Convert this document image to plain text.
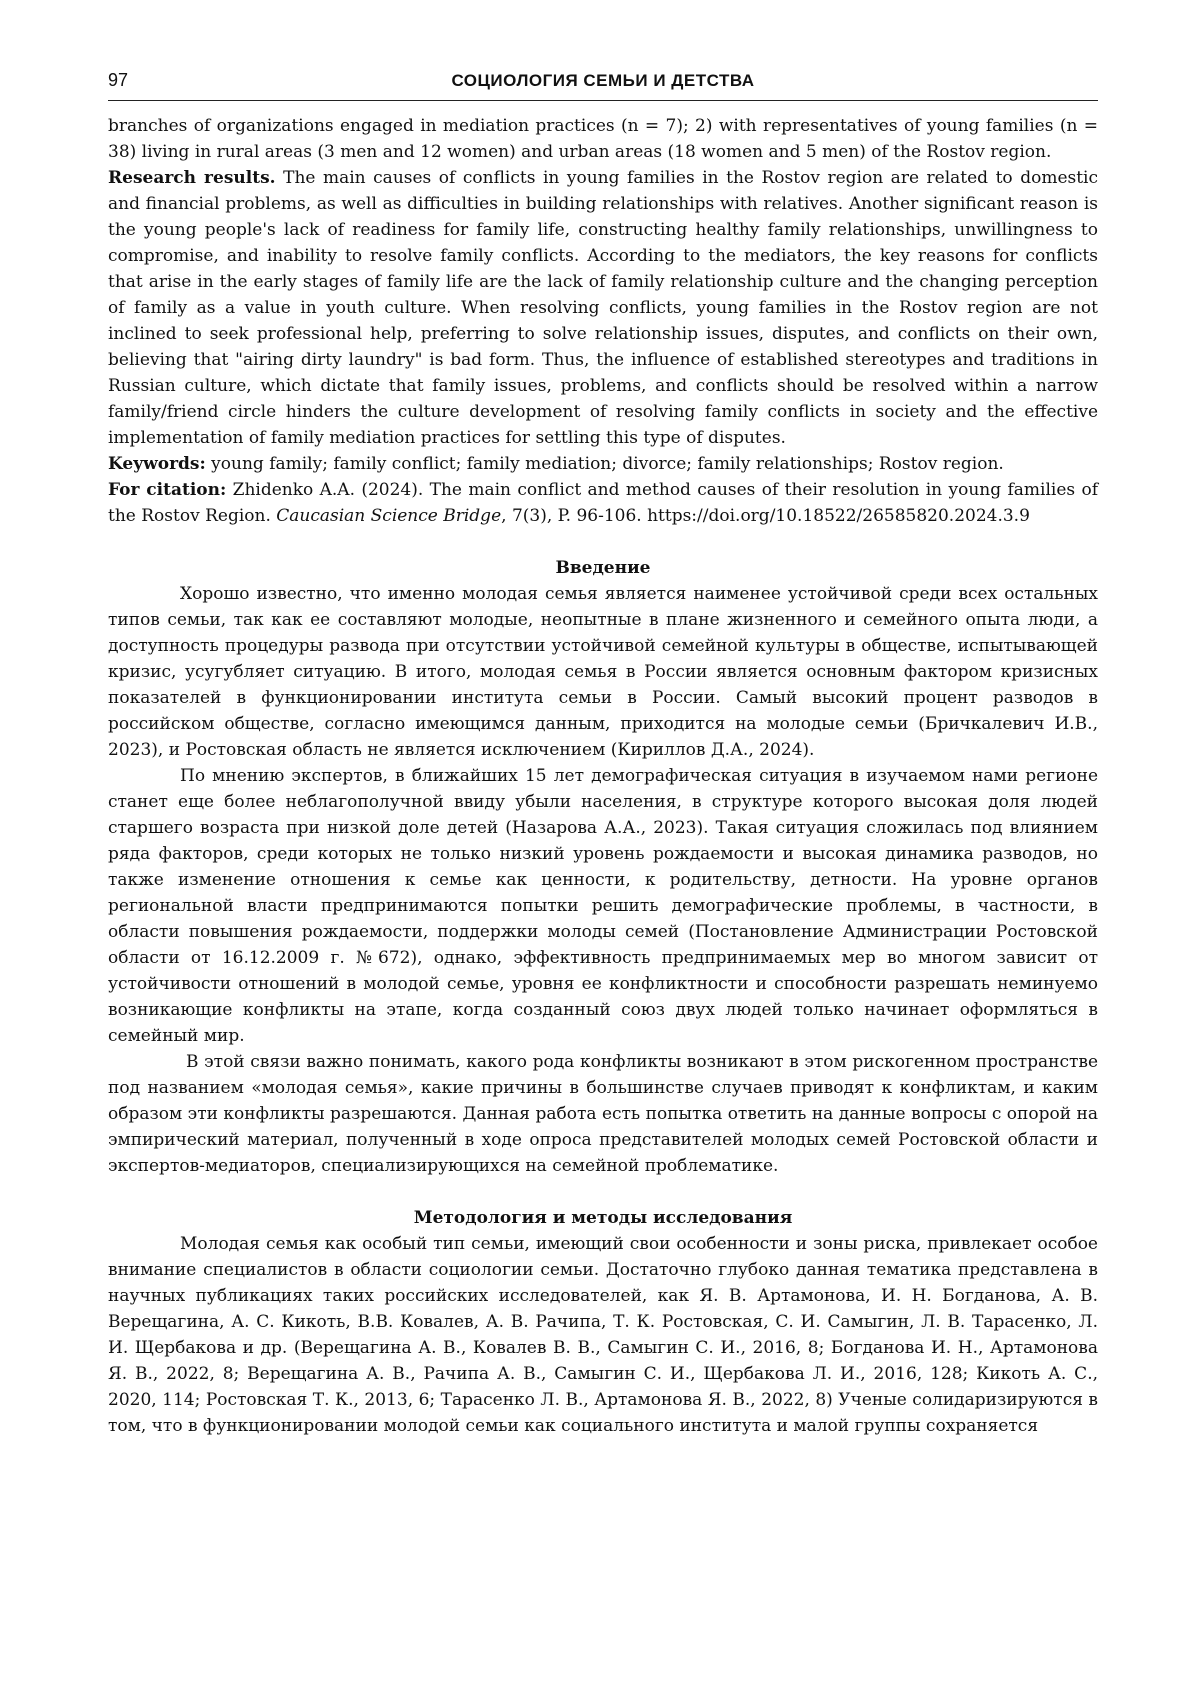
97	СОЦИОЛОГИЯ СЕМЬИ И ДЕТСТВА

branches of organizations engaged in mediation practices (n = 7); 2) with representatives of young families (n = 38) living in rural areas (3 men and 12 women) and urban areas (18 women and 5 men) of the Rostov region.

Research results. The main causes of conflicts in young families in the Rostov region are related to domestic and financial problems, as well as difficulties in building relationships with relatives. Another significant reason is the young people's lack of readiness for family life, constructing healthy family relationships, unwillingness to compromise, and inability to resolve family conflicts. According to the mediators, the key reasons for conflicts that arise in the early stages of family life are the lack of family relationship culture and the changing perception of family as a value in youth culture. When resolving conflicts, young families in the Rostov region are not inclined to seek professional help, preferring to solve relationship issues, disputes, and conflicts on their own, believing that "airing dirty laundry" is bad form. Thus, the influence of established stereotypes and traditions in Russian culture, which dictate that family issues, problems, and conflicts should be resolved within a narrow family/friend circle hinders the culture development of resolving family conflicts in society and the effective implementation of family mediation practices for settling this type of disputes.

Keywords: young family; family conflict; family mediation; divorce; family relationships; Rostov region.

For citation: Zhidenko A.A. (2024). The main conflict and method causes of their resolution in young families of the Rostov Region. Caucasian Science Bridge, 7(3), P. 96-106. https://doi.org/10.18522/26585820.2024.3.9

Введение

Хорошо известно, что именно молодая семья является наименее устойчивой среди всех остальных типов семьи, так как ее составляют молодые, неопытные в плане жизненного и семейного опыта люди, а доступность процедуры развода при отсутствии устойчивой семейной культуры в обществе, испытывающей кризис, усугубляет ситуацию. В итого, молодая семья в России является основным фактором кризисных показателей в функционировании института семьи в России. Самый высокий процент разводов в российском обществе, согласно имеющимся данным, приходится на молодые семьи (Бричкалевич И.В., 2023), и Ростовская область не является исключением (Кириллов Д.А., 2024).

По мнению экспертов, в ближайших 15 лет демографическая ситуация в изучаемом нами регионе станет еще более неблагополучной ввиду убыли населения, в структуре которого высокая доля людей старшего возраста при низкой доле детей (Назарова А.А., 2023). Такая ситуация сложилась под влиянием ряда факторов, среди которых не только низкий уровень рождаемости и высокая динамика разводов, но также изменение отношения к семье как ценности, к родительству, детности. На уровне органов региональной власти предпринимаются попытки решить демографические проблемы, в частности, в области повышения рождаемости, поддержки молоды семей (Постановление Администрации Ростовской области от 16.12.2009 г. №672), однако, эффективность предпринимаемых мер во многом зависит от устойчивости отношений в молодой семье, уровня ее конфликтности и способности разрешать неминуемо возникающие конфликты на этапе, когда созданный союз двух людей только начинает оформляться в семейный мир.

В этой связи важно понимать, какого рода конфликты возникают в этом рискогенном пространстве под названием «молодая семья», какие причины в большинстве случаев приводят к конфликтам, и каким образом эти конфликты разрешаются. Данная работа есть попытка ответить на данные вопросы с опорой на эмпирический материал, полученный в ходе опроса представителей молодых семей Ростовской области и экспертов-медиаторов, специализирующихся на семейной проблематике.

Методология и методы исследования

Молодая семья как особый тип семьи, имеющий свои особенности и зоны риска, привлекает особое внимание специалистов в области социологии семьи. Достаточно глубоко данная тематика представлена в научных публикациях таких российских исследователей, как Я. В. Артамонова, И. Н. Богданова, А. В. Верещагина, А. С. Кикоть, В.В. Ковалев, А. В. Рачипа, Т. К. Ростовская, С. И. Самыгин, Л. В. Тарасенко, Л. И. Щербакова и др. (Верещагина А. В., Ковалев В. В., Самыгин С. И., 2016, 8; Богданова И. Н., Артамонова Я. В., 2022, 8; Верещагина А. В., Рачипа А. В., Самыгин С. И., Щербакова Л. И., 2016, 128; Кикоть А. С., 2020, 114; Ростовская Т. К., 2013, 6; Тарасенко Л. В., Артамонова Я. В., 2022, 8) Ученые солидаризируются в том, что в функционировании молодой семьи как социального института и малой группы сохраняется
